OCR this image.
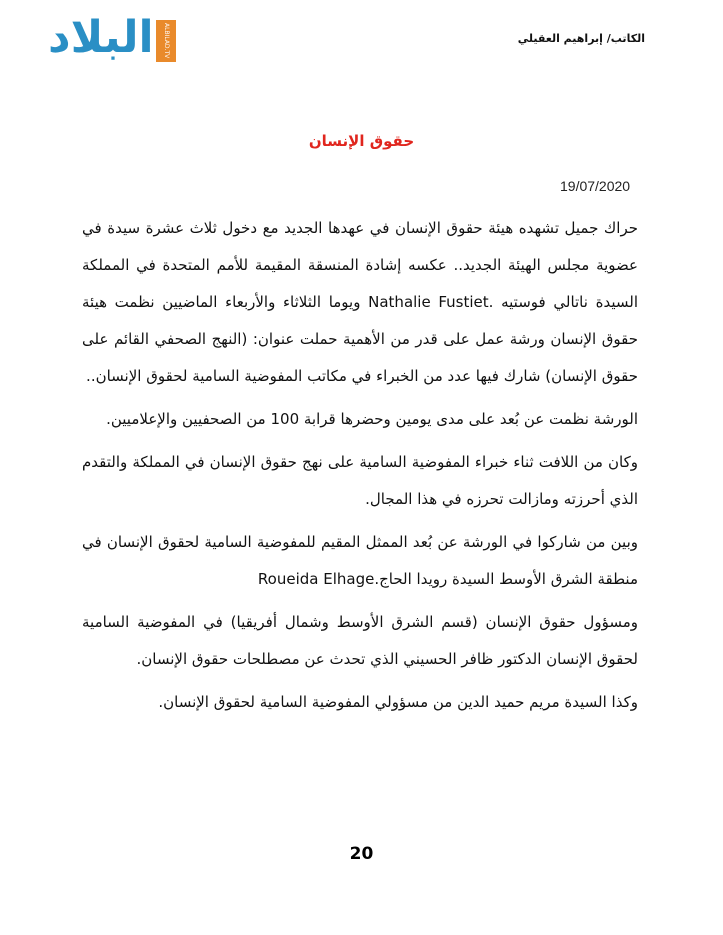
البلاد	ALBILAD.TV	الكاتب/ إبراهيم العقيلي
حقوق الإنسان
19/07/2020

حراك جميل تشهده هيئة حقوق الإنسان في عهدها الجديد مع دخول ثلاث عشرة سيدة في عضوية مجلس الهيئة الجديد.. عكسه إشادة المنسقة المقيمة للأمم المتحدة في المملكة السيدة ناتالي فوستيه .Nathalie Fustiet ويوما الثلاثاء والأربعاء الماضيين نظمت هيئة حقوق الإنسان ورشة عمل على قدر من الأهمية حملت عنوان: (النهج الصحفي القائم على حقوق الإنسان) شارك فيها عدد من الخبراء في مكاتب المفوضية السامية لحقوق الإنسان..

الورشة نظمت عن بُعد على مدى يومين وحضرها قرابة 100 من الصحفيين والإعلاميين.

وكان من اللافت ثناء خبراء المفوضية السامية على نهج حقوق الإنسان في المملكة والتقدم الذي أحرزته ومازالت تحرزه في هذا المجال.

وبين من شاركوا في الورشة عن بُعد الممثل المقيم للمفوضية السامية لحقوق الإنسان في منطقة الشرق الأوسط السيدة رويدا الحاج.Roueida Elhage

ومسؤول حقوق الإنسان (قسم الشرق الأوسط وشمال أفريقيا) في المفوضية السامية لحقوق الإنسان الدكتور ظافر الحسيني الذي تحدث عن مصطلحات حقوق الإنسان.

وكذا السيدة مريم حميد الدين من مسؤولي المفوضية السامية لحقوق الإنسان.

20
